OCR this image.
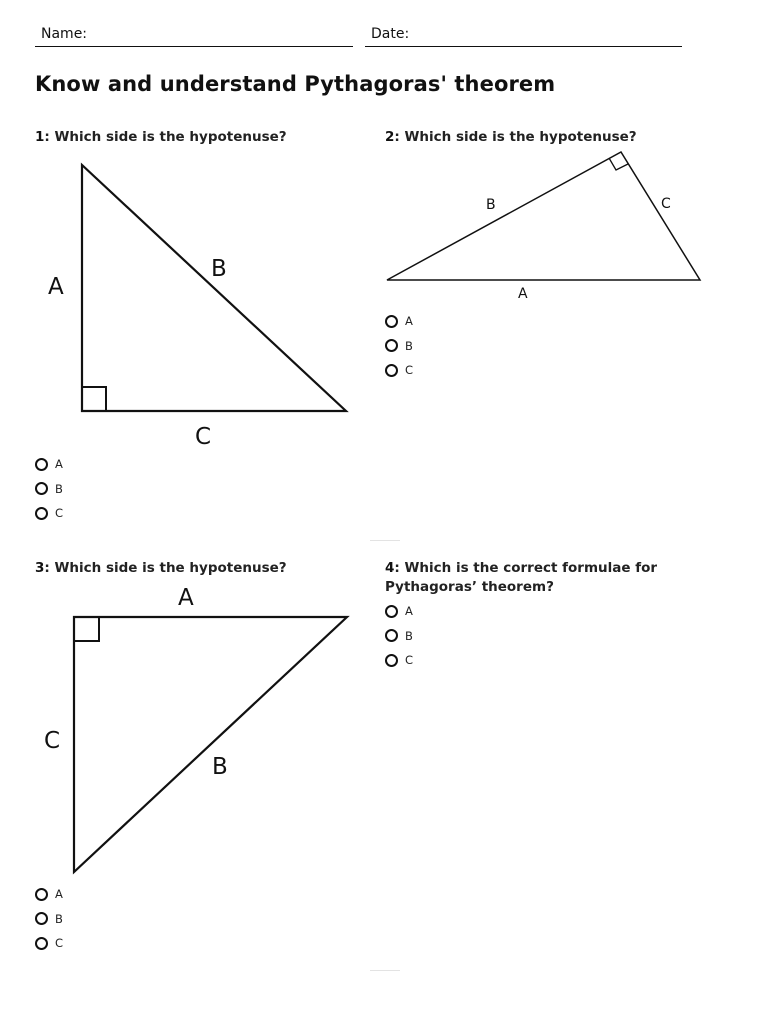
Name:	Date:
Know and understand Pythagoras' theorem
1: Which side is the hypotenuse?
A
B
C
B	C
A
A
C
B
A
B
C
2: Which side is the hypotenuse?
A
B
C
3: Which side is the hypotenuse?
A
B
C
4: Which is the correct formulae for
Pythagoras’ theorem?
A
B
C
